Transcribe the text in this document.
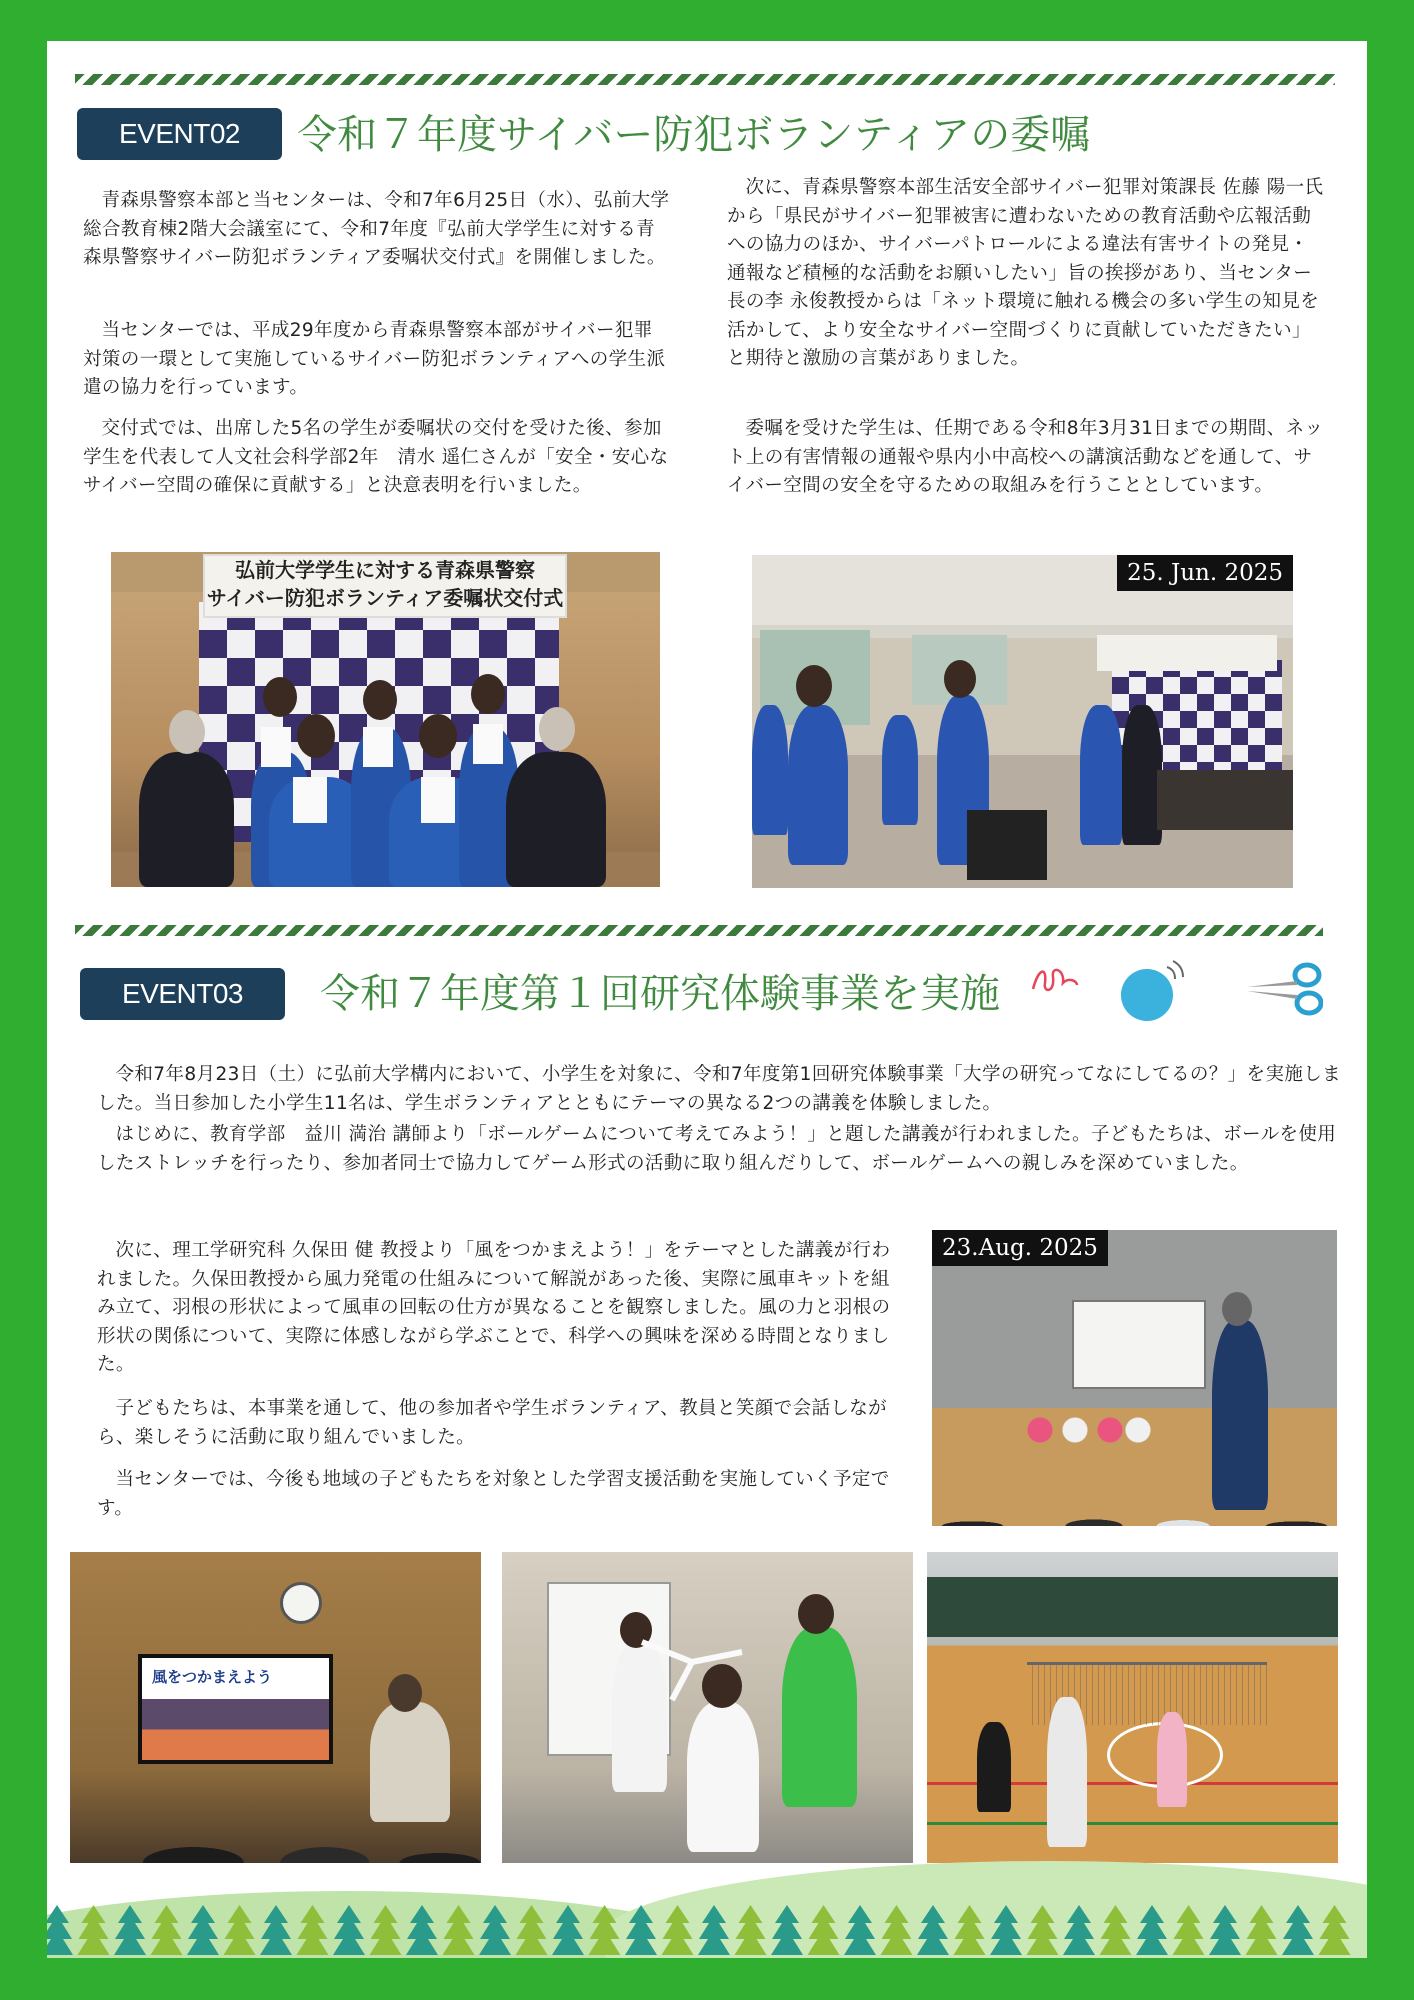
EVENT02	令和７年度サイバー防犯ボランティアの委嘱

青森県警察本部と当センターは、令和7年6月25日（水）、弘前大学総合教育棟2階大会議室にて、令和7年度『弘前大学学生に対する青森県警察サイバー防犯ボランティア委嘱状交付式』を開催しました。

当センターでは、平成29年度から青森県警察本部がサイバー犯罪対策の一環として実施しているサイバー防犯ボランティアへの学生派遣の協力を行っています。

交付式では、出席した5名の学生が委嘱状の交付を受けた後、参加学生を代表して人文社会科学部2年　清水 遥仁さんが「安全・安心なサイバー空間の確保に貢献する」と決意表明を行いました。

次に、青森県警察本部生活安全部サイバー犯罪対策課長 佐藤 陽一氏から「県民がサイバー犯罪被害に遭わないための教育活動や広報活動への協力のほか、サイバーパトロールによる違法有害サイトの発見・通報など積極的な活動をお願いしたい」旨の挨拶があり、当センター長の李 永俊教授からは「ネット環境に触れる機会の多い学生の知見を活かして、より安全なサイバー空間づくりに貢献していただきたい」と期待と激励の言葉がありました。

委嘱を受けた学生は、任期である令和8年3月31日までの期間、ネット上の有害情報の通報や県内小中高校への講演活動などを通して、サイバー空間の安全を守るための取組みを行うこととしています。

弘前大学学生に対する青森県警察
サイバー防犯ボランティア委嘱状交付式
25. Jun. 2025
EVENT03	令和７年度第１回研究体験事業を実施

令和7年8月23日（土）に弘前大学構内において、小学生を対象に、令和7年度第1回研究体験事業「大学の研究ってなにしてるの？」を実施しました。当日参加した小学生11名は、学生ボランティアとともにテーマの異なる2つの講義を体験しました。

はじめに、教育学部　益川 満治 講師より「ボールゲームについて考えてみよう！」と題した講義が行われました。子どもたちは、ボールを使用したストレッチを行ったり、参加者同士で協力してゲーム形式の活動に取り組んだりして、ボールゲームへの親しみを深めていました。

次に、理工学研究科 久保田 健 教授より「風をつかまえよう！」をテーマとした講義が行われました。久保田教授から風力発電の仕組みについて解説があった後、実際に風車キットを組み立て、羽根の形状によって風車の回転の仕方が異なることを観察しました。風の力と羽根の形状の関係について、実際に体感しながら学ぶことで、科学への興味を深める時間となりました。

子どもたちは、本事業を通して、他の参加者や学生ボランティア、教員と笑顔で会話しながら、楽しそうに活動に取り組んでいました。

当センターでは、今後も地域の子どもたちを対象とした学習支援活動を実施していく予定です。

23.Aug. 2025
風をつかまえよう
